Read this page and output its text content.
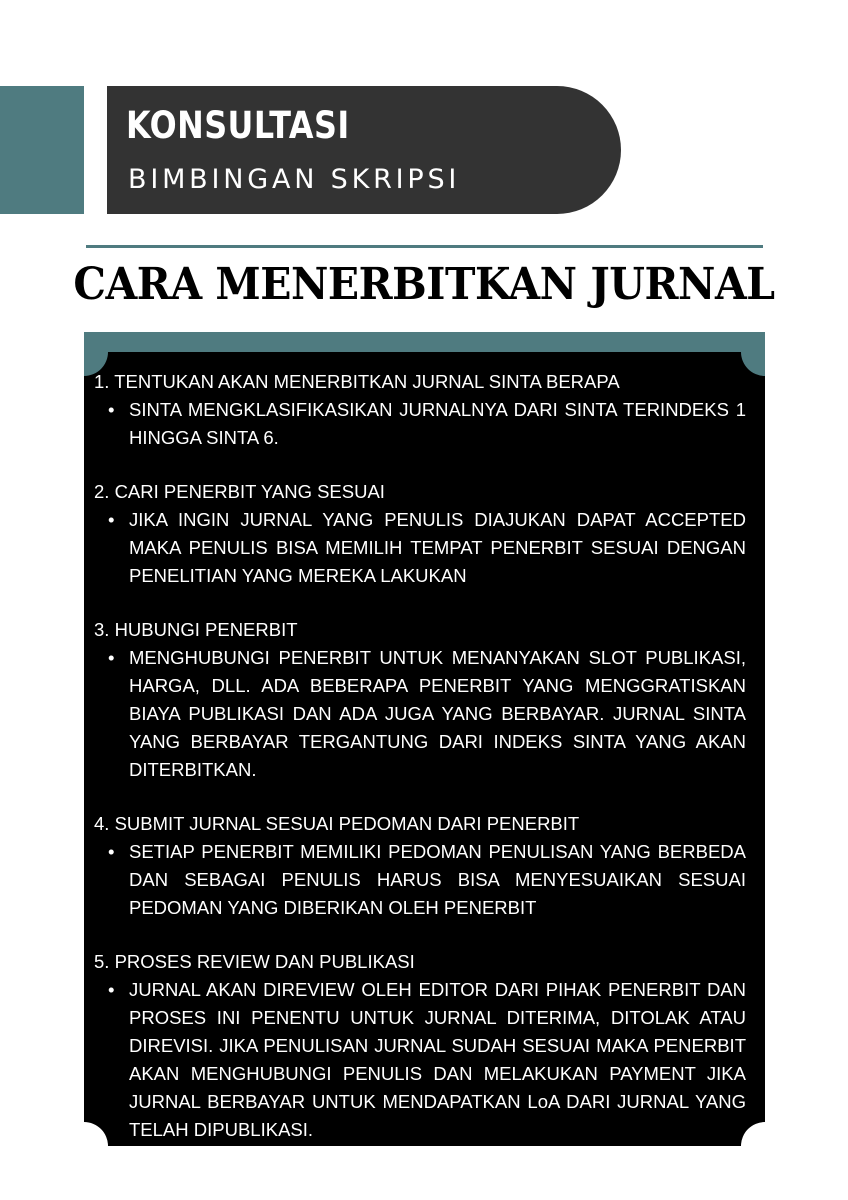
KONSULTASI
BIMBINGAN SKRIPSI
CARA MENERBITKAN JURNAL
1. TENTUKAN AKAN MENERBITKAN JURNAL SINTA BERAPA
• SINTA MENGKLASIFIKASIKAN JURNALNYA DARI SINTA TERINDEKS 1 HINGGA SINTA 6.
2. CARI PENERBIT YANG SESUAI
• JIKA INGIN JURNAL YANG PENULIS DIAJUKAN DAPAT ACCEPTED MAKA PENULIS BISA MEMILIH TEMPAT PENERBIT SESUAI DENGAN PENELITIAN YANG MEREKA LAKUKAN
3. HUBUNGI PENERBIT
• MENGHUBUNGI PENERBIT UNTUK MENANYAKAN SLOT PUBLIKASI, HARGA, DLL. ADA BEBERAPA PENERBIT YANG MENGGRATISKAN BIAYA PUBLIKASI DAN ADA JUGA YANG BERBAYAR. JURNAL SINTA YANG BERBAYAR TERGANTUNG DARI INDEKS SINTA YANG AKAN DITERBITKAN.
4. SUBMIT JURNAL SESUAI PEDOMAN DARI PENERBIT
• SETIAP PENERBIT MEMILIKI PEDOMAN PENULISAN YANG BERBEDA DAN SEBAGAI PENULIS HARUS BISA MENYESUAIKAN SESUAI PEDOMAN YANG DIBERIKAN OLEH PENERBIT
5. PROSES REVIEW DAN PUBLIKASI
• JURNAL AKAN DIREVIEW OLEH EDITOR DARI PIHAK PENERBIT DAN PROSES INI PENENTU UNTUK JURNAL DITERIMA, DITOLAK ATAU DIREVISI. JIKA PENULISAN JURNAL SUDAH SESUAI MAKA PENERBIT AKAN MENGHUBUNGI PENULIS DAN MELAKUKAN PAYMENT JIKA JURNAL BERBAYAR UNTUK MENDAPATKAN LoA DARI JURNAL YANG TELAH DIPUBLIKASI.
